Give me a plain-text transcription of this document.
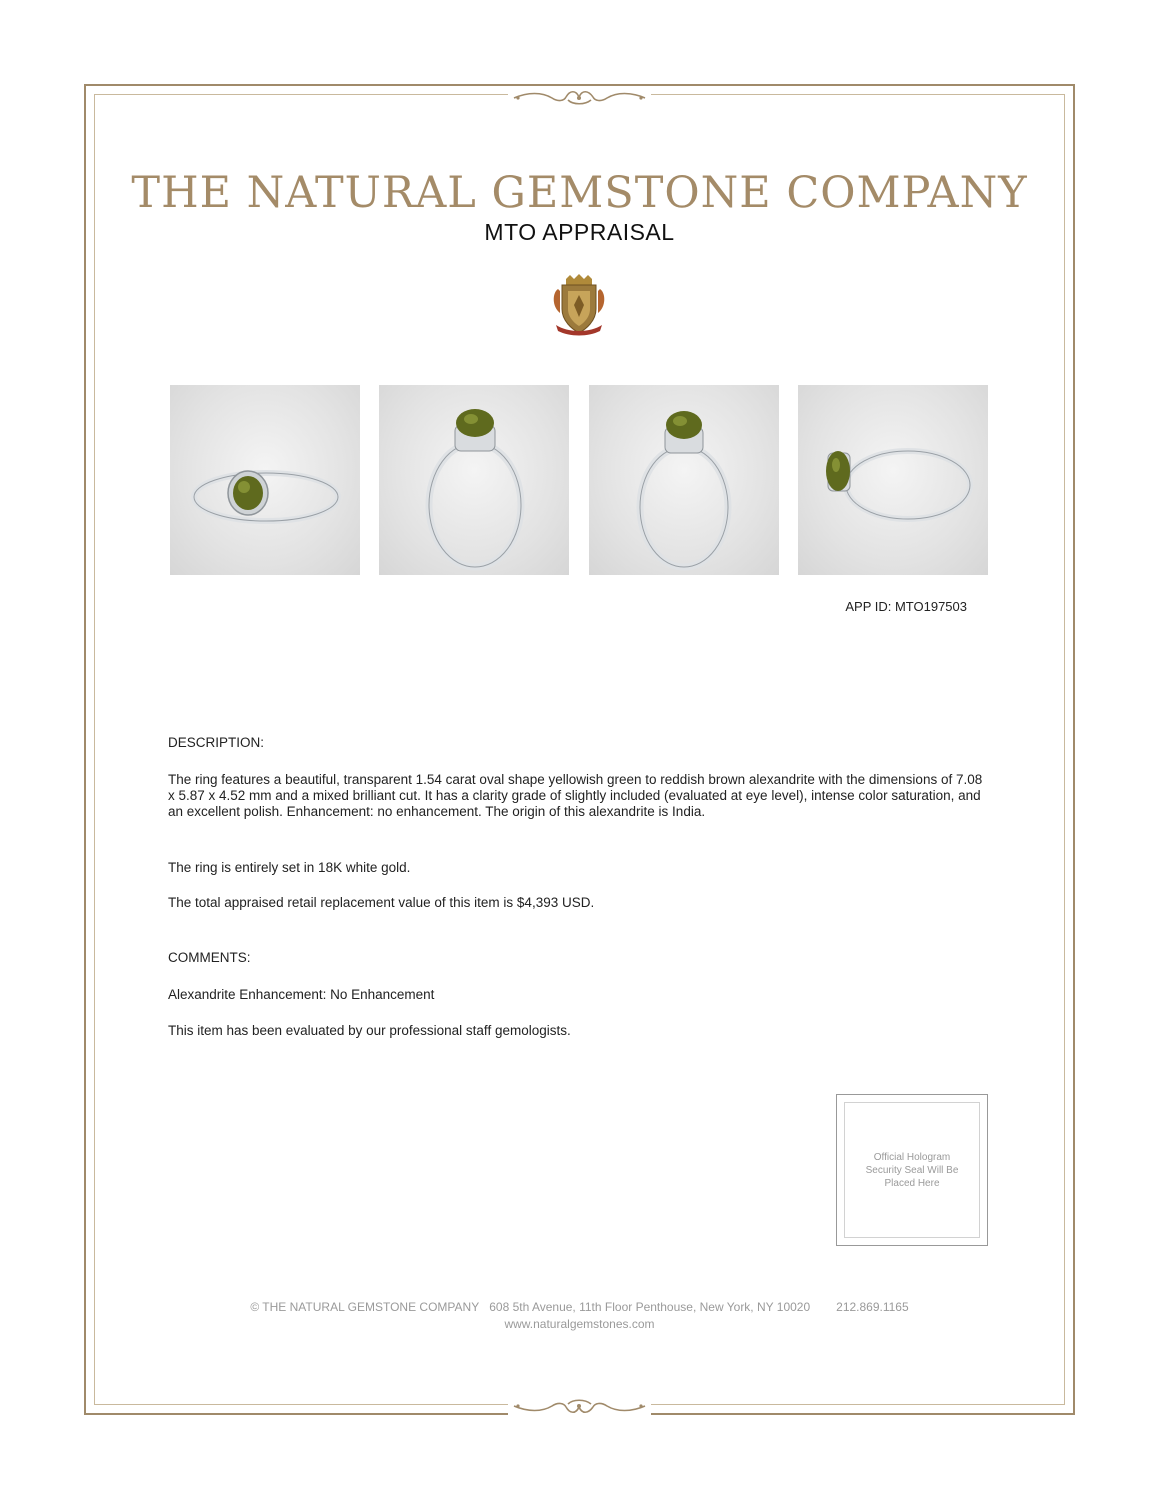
THE NATURAL GEMSTONE COMPANY
MTO APPRAISAL
APP ID: MTO197503
DESCRIPTION:
The ring features a beautiful, transparent 1.54 carat oval shape yellowish green to reddish brown alexandrite with the dimensions of 7.08 x 5.87 x 4.52 mm and a mixed brilliant cut. It has a clarity grade of slightly included (evaluated at eye level), intense color saturation, and an excellent polish. Enhancement: no enhancement. The origin of this alexandrite is India.
The ring is entirely set in 18K white gold.
The total appraised retail replacement value of this item is $4,393 USD.
COMMENTS:
Alexandrite Enhancement: No Enhancement
This item has been evaluated by our professional staff gemologists.
Official Hologram Security Seal Will Be Placed Here
© THE NATURAL GEMSTONE COMPANY 608 5th Avenue, 11th Floor Penthouse, New York, NY 10020 212.869.1165
www.naturalgemstones.com
